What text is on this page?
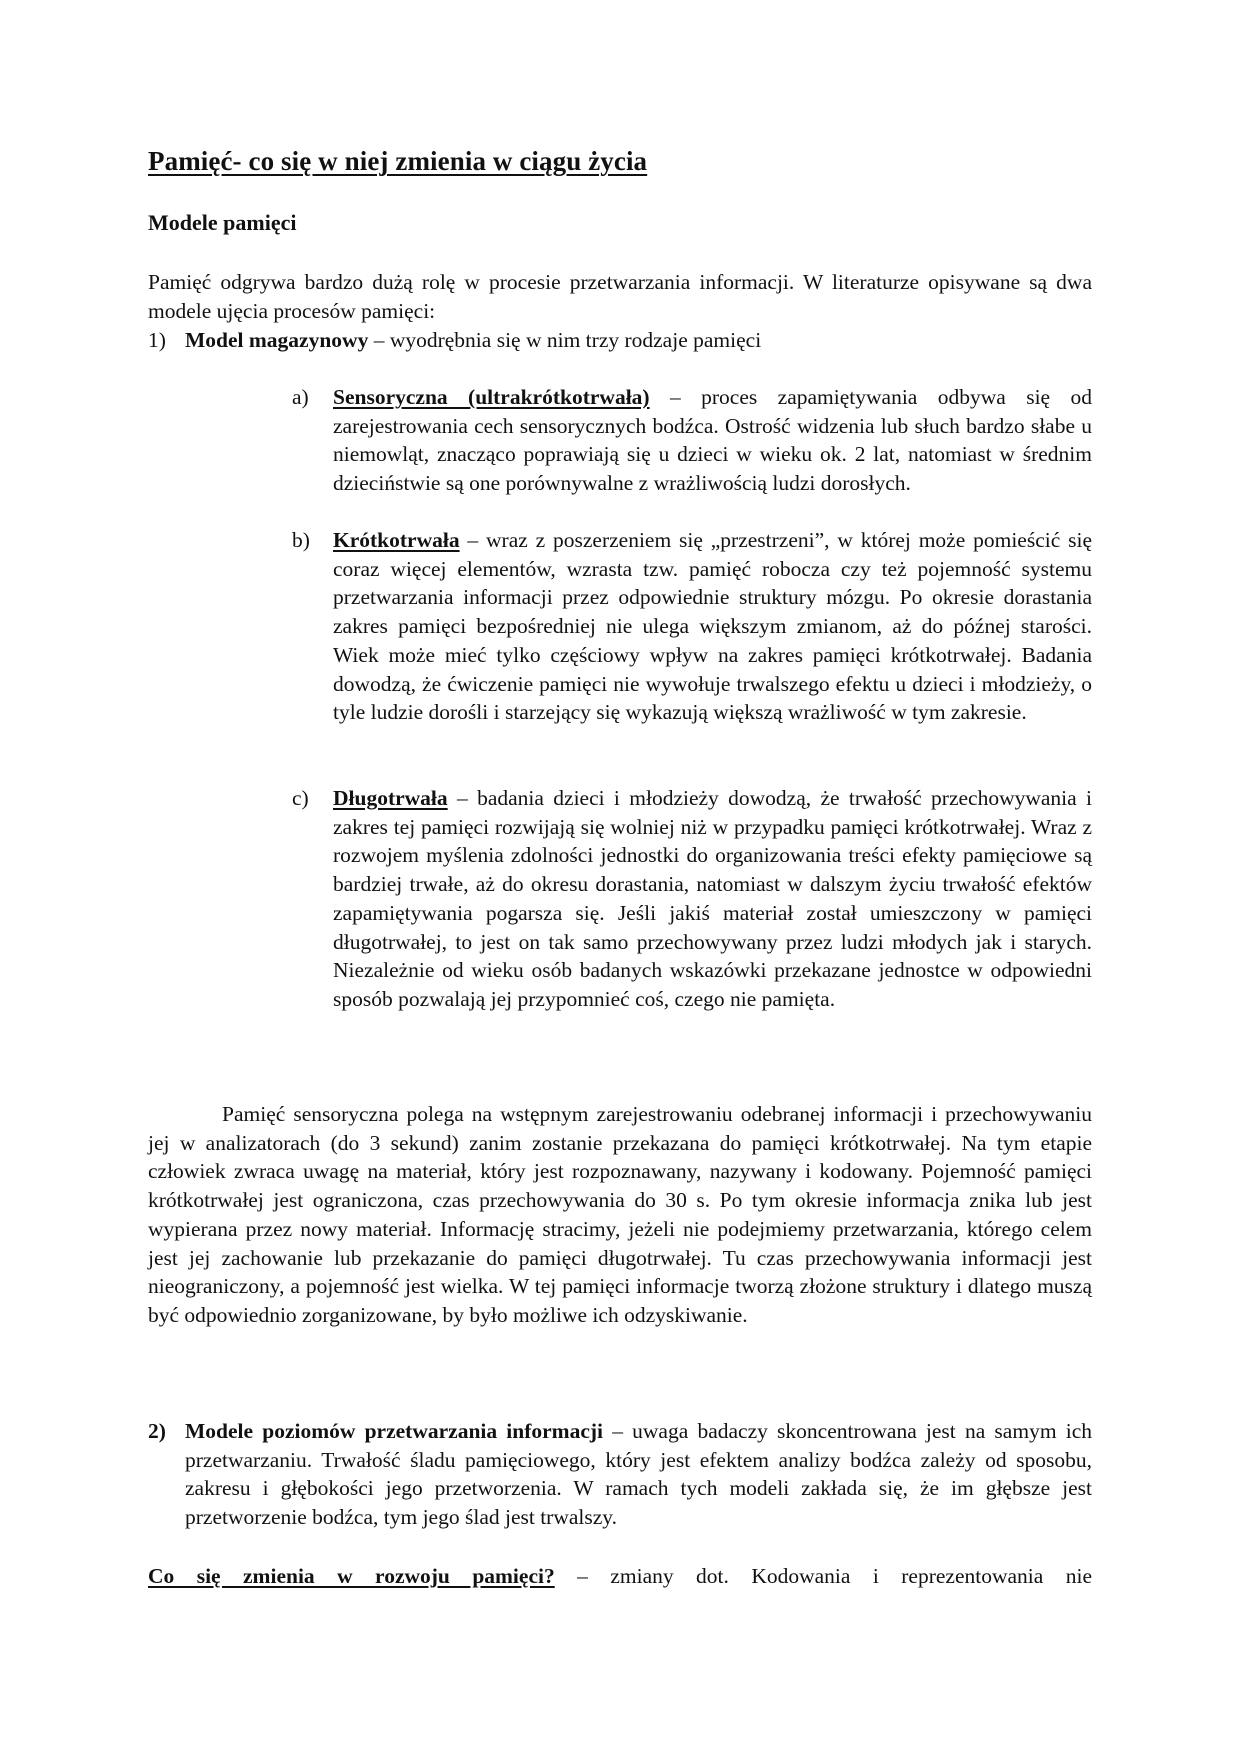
Pamięć- co się w niej zmienia w ciągu życia
Modele pamięci
Pamięć odgrywa bardzo dużą rolę w procesie przetwarzania informacji. W literaturze opisywane są dwa modele ujęcia procesów pamięci:
1) Model magazynowy – wyodrębnia się w nim trzy rodzaje pamięci
a) Sensoryczna (ultrakrótkotrwała) – proces zapamiętywania odbywa się od zarejestrowania cech sensorycznych bodźca. Ostrość widzenia lub słuch bardzo słabe u niemowląt, znacząco poprawiają się u dzieci w wieku ok. 2 lat, natomiast w średnim dzieciństwie są one porównywalne z wrażliwością ludzi dorosłych.
b) Krótkotrwała – wraz z poszerzeniem się „przestrzeni”, w której może pomieścić się coraz więcej elementów, wzrasta tzw. pamięć robocza czy też pojemność systemu przetwarzania informacji przez odpowiednie struktury mózgu. Po okresie dorastania zakres pamięci bezpośredniej nie ulega większym zmianom, aż do późnej starości. Wiek może mieć tylko częściowy wpływ na zakres pamięci krótkotrwałej. Badania dowodzą, że ćwiczenie pamięci nie wywołuje trwalszego efektu u dzieci i młodzieży, o tyle ludzie dorośli i starzejący się wykazują większą wrażliwość w tym zakresie.
c) Długotrwała – badania dzieci i młodzieży dowodzą, że trwałość przechowywania i zakres tej pamięci rozwijają się wolniej niż w przypadku pamięci krótkotrwałej. Wraz z rozwojem myślenia zdolności jednostki do organizowania treści efekty pamięciowe są bardziej trwałe, aż do okresu dorastania, natomiast w dalszym życiu trwałość efektów zapamiętywania pogarsza się. Jeśli jakiś materiał został umieszczony w pamięci długotrwałej, to jest on tak samo przechowywany przez ludzi młodych jak i starych. Niezależnie od wieku osób badanych wskazówki przekazane jednostce w odpowiedni sposób pozwalają jej przypomnieć coś, czego nie pamięta.
Pamięć sensoryczna polega na wstępnym zarejestrowaniu odebranej informacji i przechowywaniu jej w analizatorach (do 3 sekund) zanim zostanie przekazana do pamięci krótkotrwałej. Na tym etapie człowiek zwraca uwagę na materiał, który jest rozpoznawany, nazywany i kodowany. Pojemność pamięci krótkotrwałej jest ograniczona, czas przechowywania do 30 s. Po tym okresie informacja znika lub jest wypierana przez nowy materiał. Informację stracimy, jeżeli nie podejmiemy przetwarzania, którego celem jest jej zachowanie lub przekazanie do pamięci długotrwałej. Tu czas przechowywania informacji jest nieograniczony, a pojemność jest wielka. W tej pamięci informacje tworzą złożone struktury i dlatego muszą być odpowiednio zorganizowane, by było możliwe ich odzyskiwanie.
2) Modele poziomów przetwarzania informacji – uwaga badaczy skoncentrowana jest na samym ich przetwarzaniu. Trwałość śladu pamięciowego, który jest efektem analizy bodźca zależy od sposobu, zakresu i głębokości jego przetworzenia. W ramach tych modeli zakłada się, że im głębsze jest przetworzenie bodźca, tym jego ślad jest trwalszy.
Co się zmienia w rozwoju pamięci? – zmiany dot. Kodowania i reprezentowania nie
